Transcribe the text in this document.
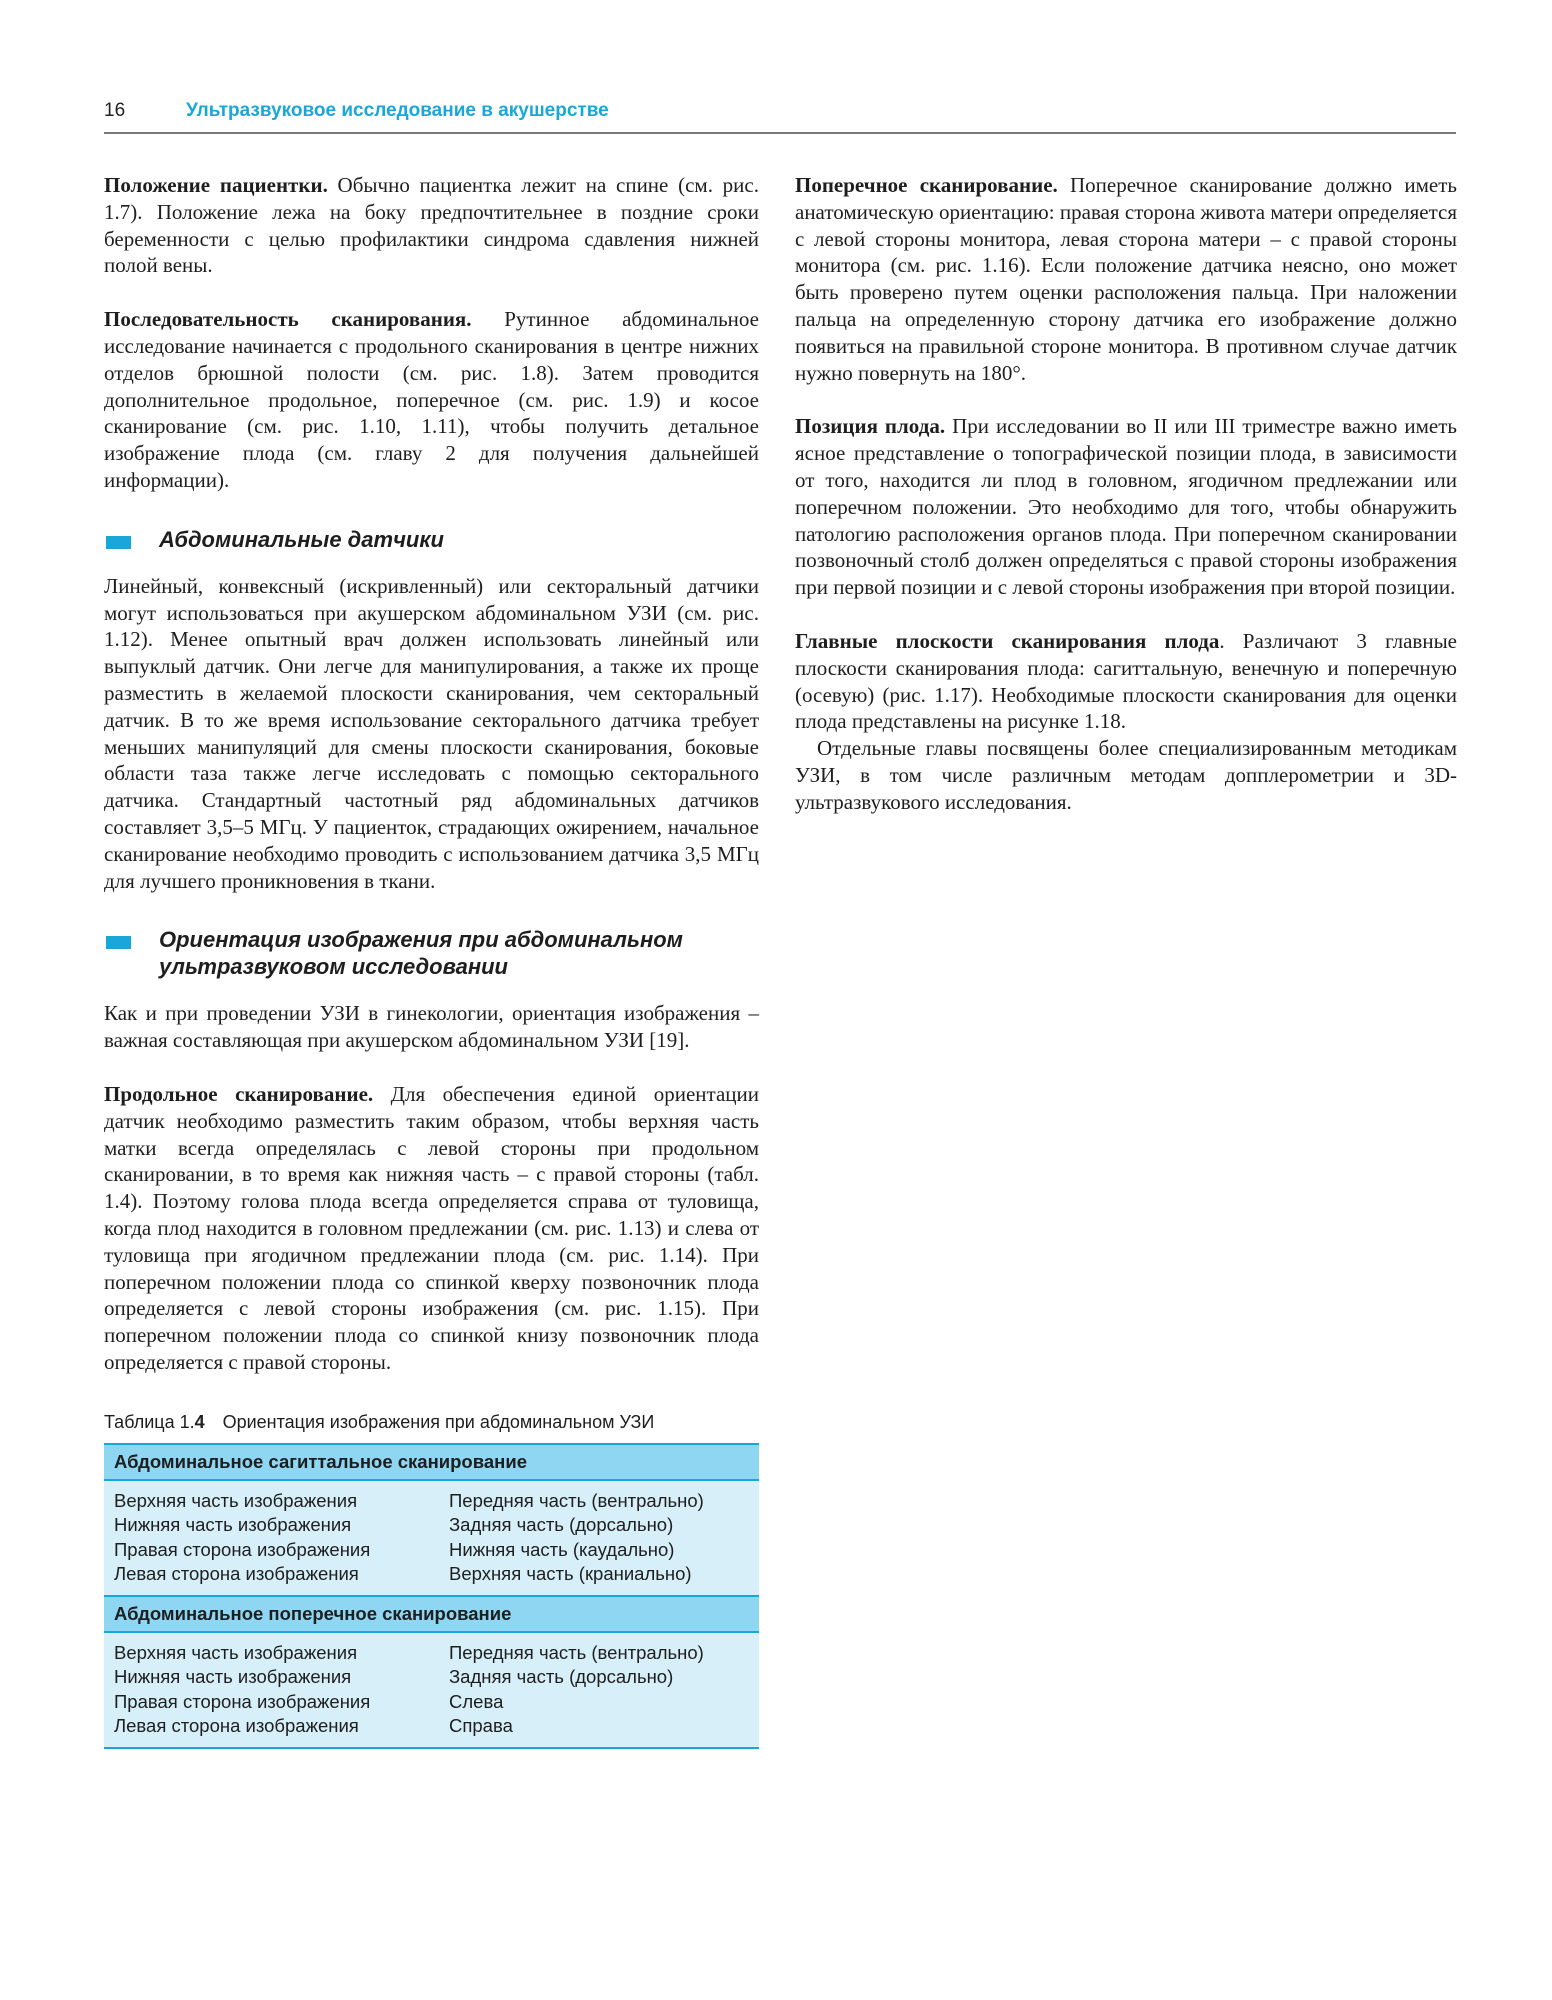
16	Ультразвуковое исследование в акушерстве

Положение пациентки. Обычно пациентка лежит на спине (см. рис. 1.7). Положение лежа на боку предпочтительнее в поздние сроки беременности с целью профилактики синдрома сдавления нижней полой вены.

Последовательность сканирования. Рутинное абдоминальное исследование начинается с продольного сканирования в центре нижних отделов брюшной полости (см. рис. 1.8). Затем проводится дополнительное продольное, поперечное (см. рис. 1.9) и косое сканирование (см. рис. 1.10, 1.11), чтобы получить детальное изображение плода (см. главу 2 для получения дальнейшей информации).

Абдоминальные датчики

Линейный, конвексный (искривленный) или секторальный датчики могут использоваться при акушерском абдоминальном УЗИ (см. рис. 1.12). Менее опытный врач должен использовать линейный или выпуклый датчик. Они легче для манипулирования, а также их проще разместить в желаемой плоскости сканирования, чем секторальный датчик. В то же время использование секторального датчика требует меньших манипуляций для смены плоскости сканирования, боковые области таза также легче исследовать с помощью секторального датчика. Стандартный частотный ряд абдоминальных датчиков составляет 3,5–5 МГц. У пациенток, страдающих ожирением, начальное сканирование необходимо проводить с использованием датчика 3,5 МГц для лучшего проникновения в ткани.

Ориентация изображения при абдоминальном ультразвуковом исследовании

Как и при проведении УЗИ в гинекологии, ориентация изображения – важная составляющая при акушерском абдоминальном УЗИ [19].

Продольное сканирование. Для обеспечения единой ориентации датчик необходимо разместить таким образом, чтобы верхняя часть матки всегда определялась с левой стороны при продольном сканировании, в то время как нижняя часть – с правой стороны (табл. 1.4). Поэтому голова плода всегда определяется справа от туловища, когда плод находится в головном предлежании (см. рис. 1.13) и слева от туловища при ягодичном предлежании плода (см. рис. 1.14). При поперечном положении плода со спинкой кверху позвоночник плода определяется с левой стороны изображения (см. рис. 1.15). При поперечном положении плода со спинкой книзу позвоночник плода определяется с правой стороны.

Таблица 1.4 Ориентация изображения при абдоминальном УЗИ
Абдоминальное сагиттальное сканирование	
Верхняя часть изображения	Передняя часть (вентрально)
Нижняя часть изображения	Задняя часть (дорсально)
Правая сторона изображения	Нижняя часть (каудально)
Левая сторона изображения	Верхняя часть (краниально)
Абдоминальное поперечное сканирование	
Верхняя часть изображения	Передняя часть (вентрально)
Нижняя часть изображения	Задняя часть (дорсально)
Правая сторона изображения	Слева
Левая сторона изображения	Справа

Поперечное сканирование. Поперечное сканирование должно иметь анатомическую ориентацию: правая сторона живота матери определяется с левой стороны монитора, левая сторона матери – с правой стороны монитора (см. рис. 1.16). Если положение датчика неясно, оно может быть проверено путем оценки расположения пальца. При наложении пальца на определенную сторону датчика его изображение должно появиться на правильной стороне монитора. В противном случае датчик нужно повернуть на 180°.

Позиция плода. При исследовании во II или III триместре важно иметь ясное представление о топографической позиции плода, в зависимости от того, находится ли плод в головном, ягодичном предлежании или поперечном положении. Это необходимо для того, чтобы обнаружить патологию расположения органов плода. При поперечном сканировании позвоночный столб должен определяться с правой стороны изображения при первой позиции и с левой стороны изображения при второй позиции.

Главные плоскости сканирования плода. Различают 3 главные плоскости сканирования плода: сагиттальную, венечную и поперечную (осевую) (рис. 1.17). Необходимые плоскости сканирования для оценки плода представлены на рисунке 1.18.

Отдельные главы посвящены более специализированным методикам УЗИ, в том числе различным методам допплерометрии и 3D-ультразвукового исследования.
